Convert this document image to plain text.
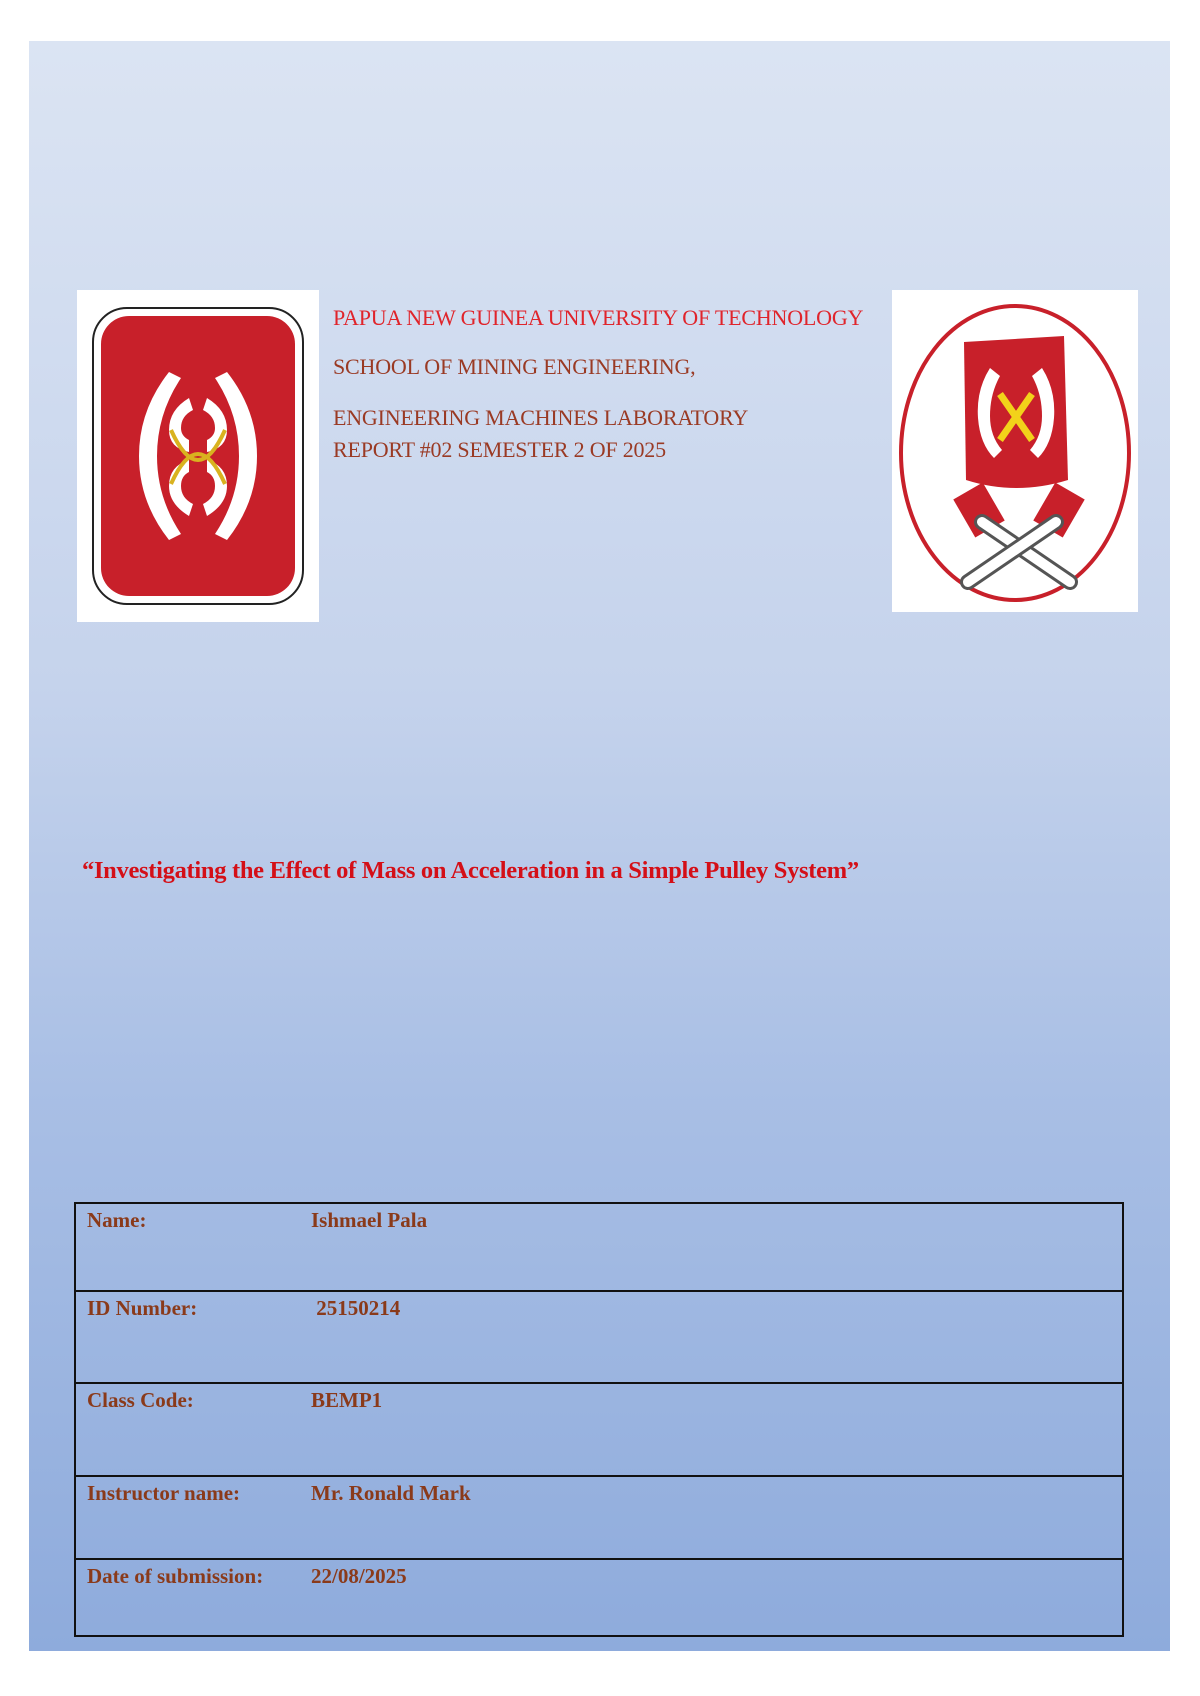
PAPUA NEW GUINEA UNIVERSITY OF TECHNOLOGY

SCHOOL OF MINING ENGINEERING,

ENGINEERING MACHINES LABORATORY
REPORT #02 SEMESTER 2 OF 2025

“Investigating the Effect of Mass on Acceleration in a Simple Pulley System”
Name:	Ishmael Pala
ID Number:	25150214
Class Code:	BEMP1
Instructor name:	Mr. Ronald Mark
Date of submission:	22/08/2025
